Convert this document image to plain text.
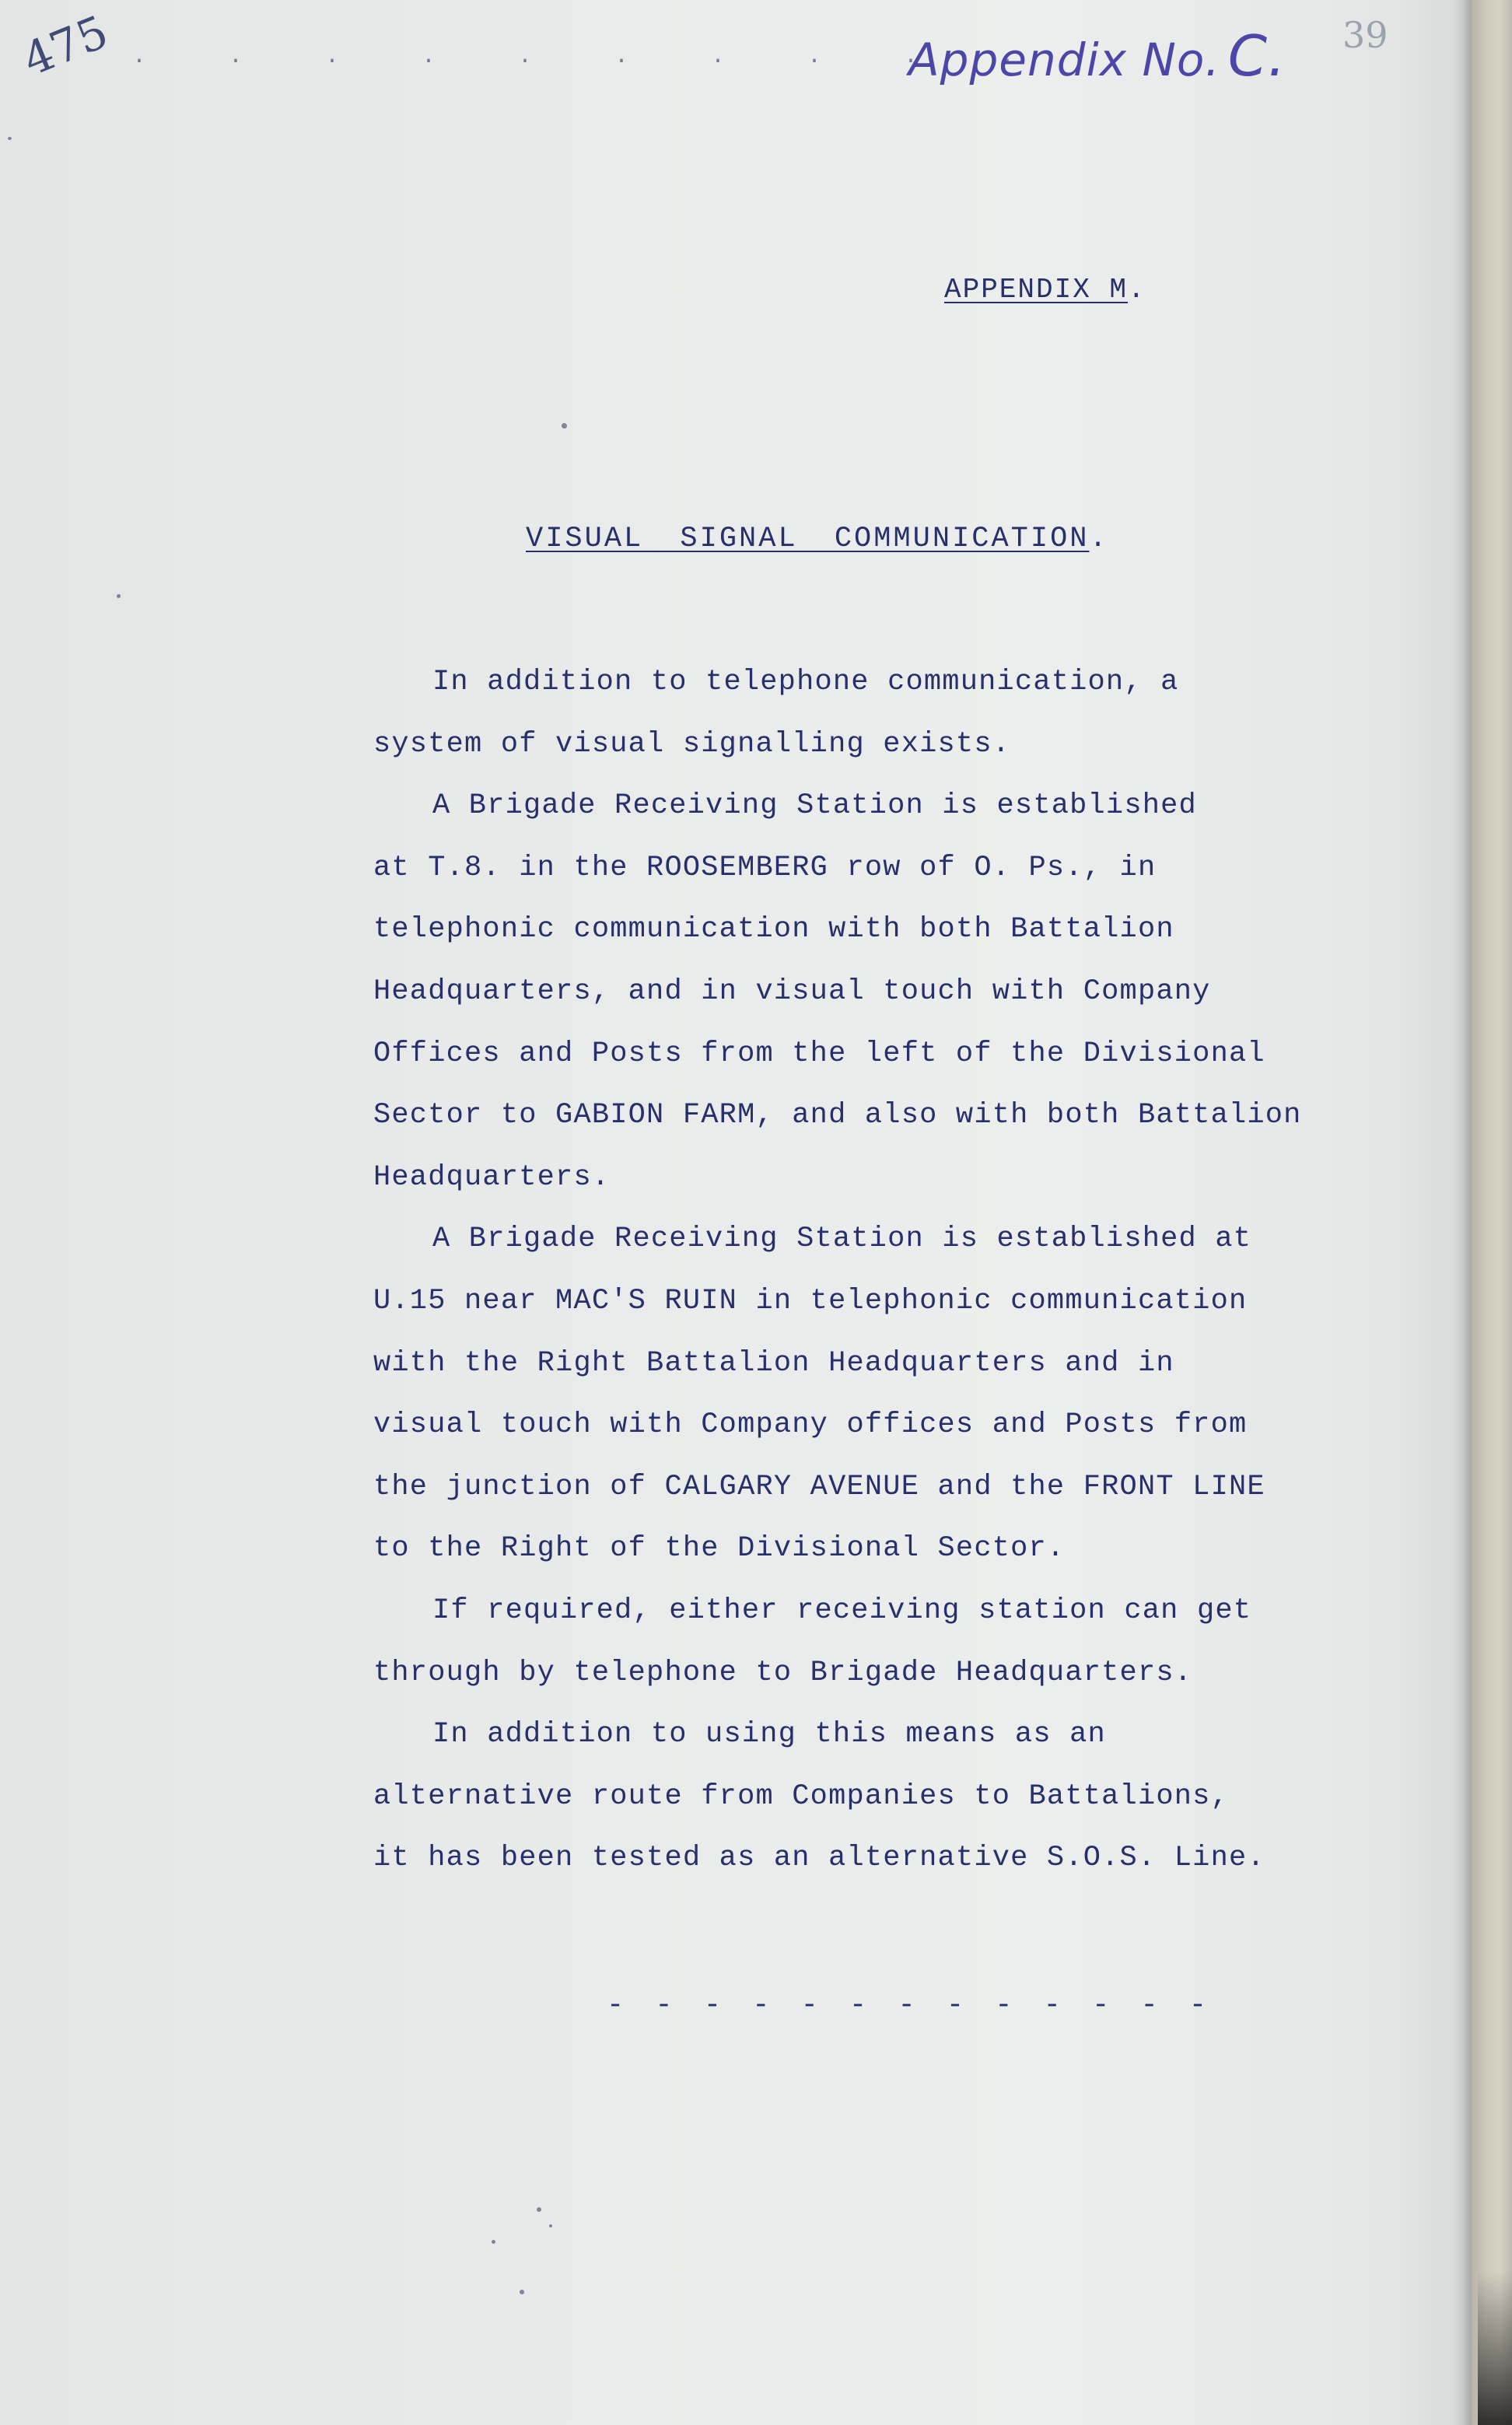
475 . . . . . . . . . .
Appendix No. C. 39
APPENDIX M.
VISUAL SIGNAL COMMUNICATION.
In addition to telephone communication, a
system of visual signalling exists.
A Brigade Receiving Station is established
at T.8. in the ROOSEMBERG row of O. Ps., in
telephonic communication with both Battalion
Headquarters, and in visual touch with Company
Offices and Posts from the left of the Divisional
Sector to GABION FARM, and also with both Battalion
Headquarters.
A Brigade Receiving Station is established at
U.15 near MAC'S RUIN in telephonic communication
with the Right Battalion Headquarters and in
visual touch with Company offices and Posts from
the junction of CALGARY AVENUE and the FRONT LINE
to the Right of the Divisional Sector.
If required, either receiving station can get
through by telephone to Brigade Headquarters.
In addition to using this means as an
alternative route from Companies to Battalions,
it has been tested as an alternative S.O.S. Line.
- - - - - - - - - - - - -
